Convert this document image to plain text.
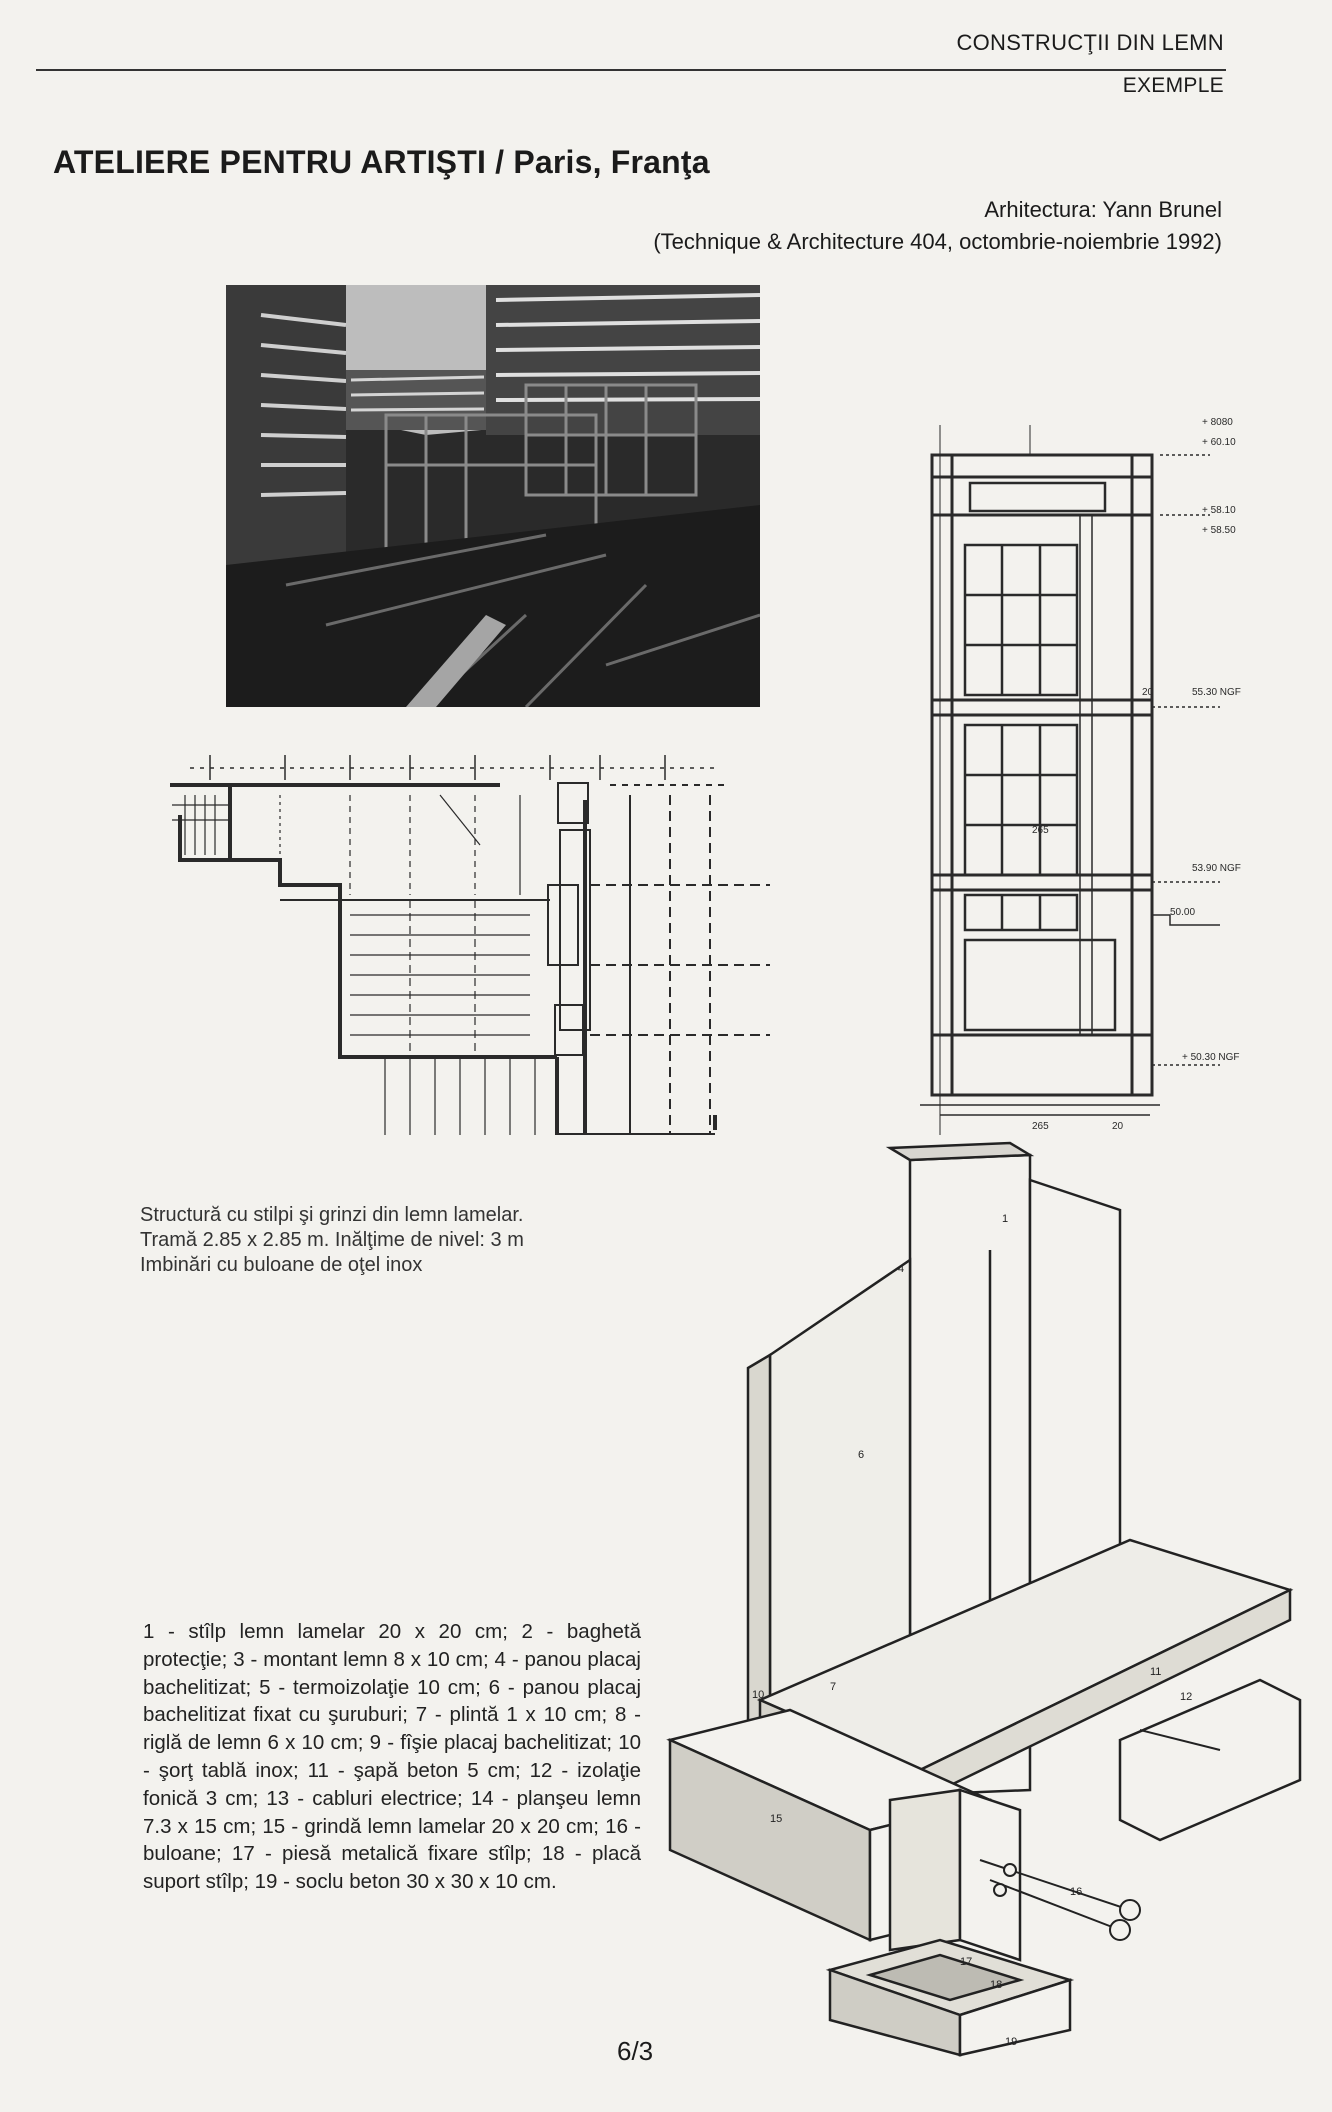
CONSTRUCŢII DIN LEMN
EXEMPLE
ATELIERE PENTRU ARTIŞTI / Paris, Franţa
Arhitectura: Yann Brunel
(Technique & Architecture 404, octombrie-noiembrie 1992)
+ 8080
+ 60.10
+ 58.10
+ 58.50
55.30 NGF
53.90 NGF
50.00
+ 50.30 NGF
20
265
265	20
Structură cu stilpi şi grinzi din lemn lamelar.
Tramă 2.85 x 2.85 m. Inălţime de nivel: 3 m
Imbinări cu buloane de oţel inox
1
4
6
7
10
11
12
15
16
17
18
19
1 - stîlp lemn lamelar 20 x 20 cm; 2 - baghetă protecţie; 3 - montant lemn 8 x 10 cm; 4 - panou placaj bachelitizat; 5 - termoizolaţie 10 cm; 6 - panou placaj bachelitizat fixat cu şuruburi; 7 - plintă 1 x 10 cm; 8 - riglă de lemn 6 x 10 cm; 9 - fîşie placaj bachelitizat; 10 - şorţ tablă inox; 11 - şapă beton 5 cm; 12 - izolaţie fonică 3 cm; 13 - cabluri electrice; 14 - planşeu lemn 7.3 x 15 cm; 15 - grindă lemn lamelar 20 x 20 cm; 16 - buloane; 17 - piesă metalică fixare stîlp; 18 - placă suport stîlp; 19 - soclu beton 30 x 30 x 10 cm.
6/3
